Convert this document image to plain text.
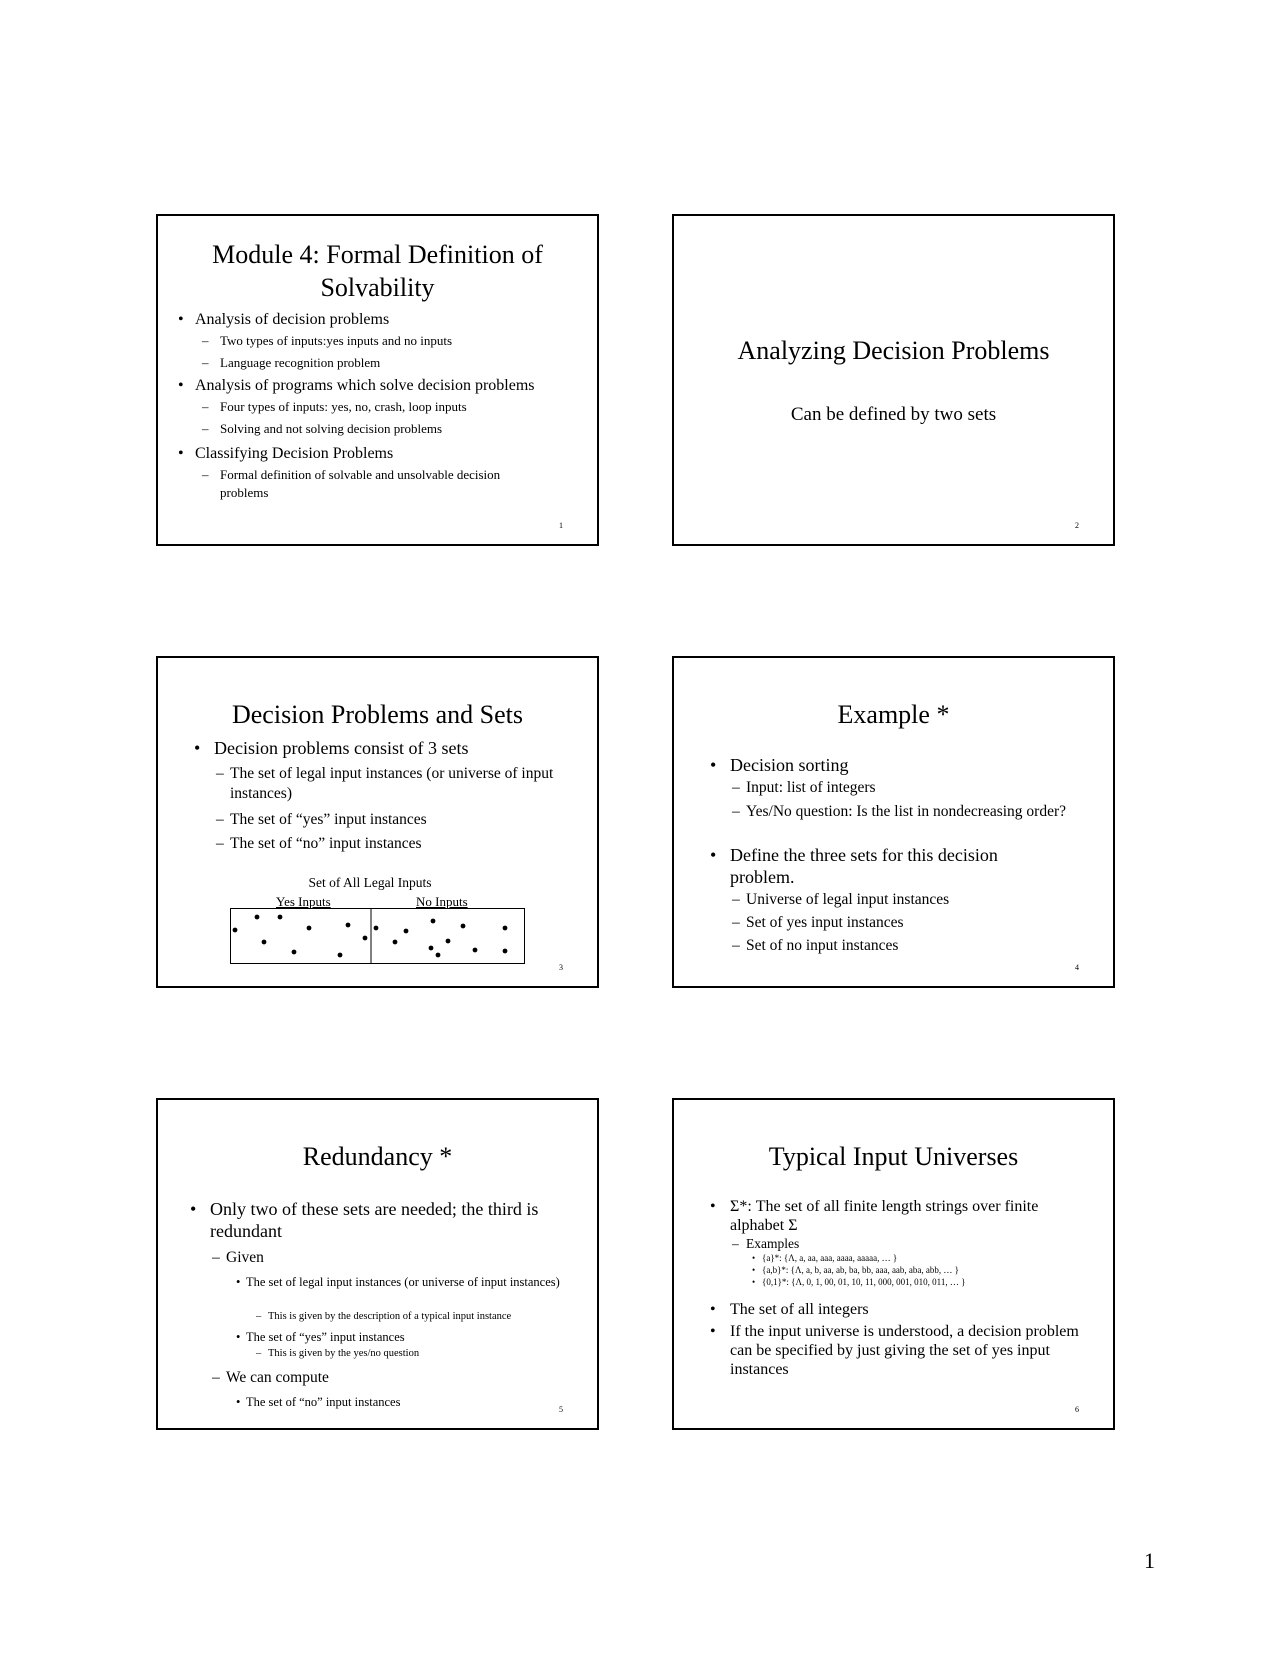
Module 4: Formal Definition of Solvability
• Analysis of decision problems
– Two types of inputs:yes inputs and no inputs
– Language recognition problem
• Analysis of programs which solve decision problems
– Four types of inputs: yes, no, crash, loop inputs
– Solving and not solving decision problems
• Classifying Decision Problems
– Formal definition of solvable and unsolvable decision problems
1
Analyzing Decision Problems
Can be defined by two sets
2
Decision Problems and Sets
• Decision problems consist of 3 sets
– The set of legal input instances (or universe of input instances)
– The set of “yes” input instances
– The set of “no” input instances
Set of All Legal Inputs
Yes Inputs	No Inputs
3
Example *
• Decision sorting
– Input: list of integers
– Yes/No question: Is the list in nondecreasing order?
• Define the three sets for this decision problem.
– Universe of legal input instances
– Set of yes input instances
– Set of no input instances
4
Redundancy *
• Only two of these sets are needed; the third is redundant
– Given
• The set of legal input instances (or universe of input instances)
– This is given by the description of a typical input instance
• The set of “yes” input instances
– This is given by the yes/no question
– We can compute
• The set of “no” input instances
5
Typical Input Universes
• Σ*: The set of all finite length strings over finite alphabet Σ
– Examples
• {a}*: {Λ, a, aa, aaa, aaaa, aaaaa, … }
• {a,b}*: {Λ, a, b, aa, ab, ba, bb, aaa, aab, aba, abb, … }
• {0,1}*: {Λ, 0, 1, 00, 01, 10, 11, 000, 001, 010, 011, … }
• The set of all integers
• If the input universe is understood, a decision problem can be specified by just giving the set of yes input instances
6
1
